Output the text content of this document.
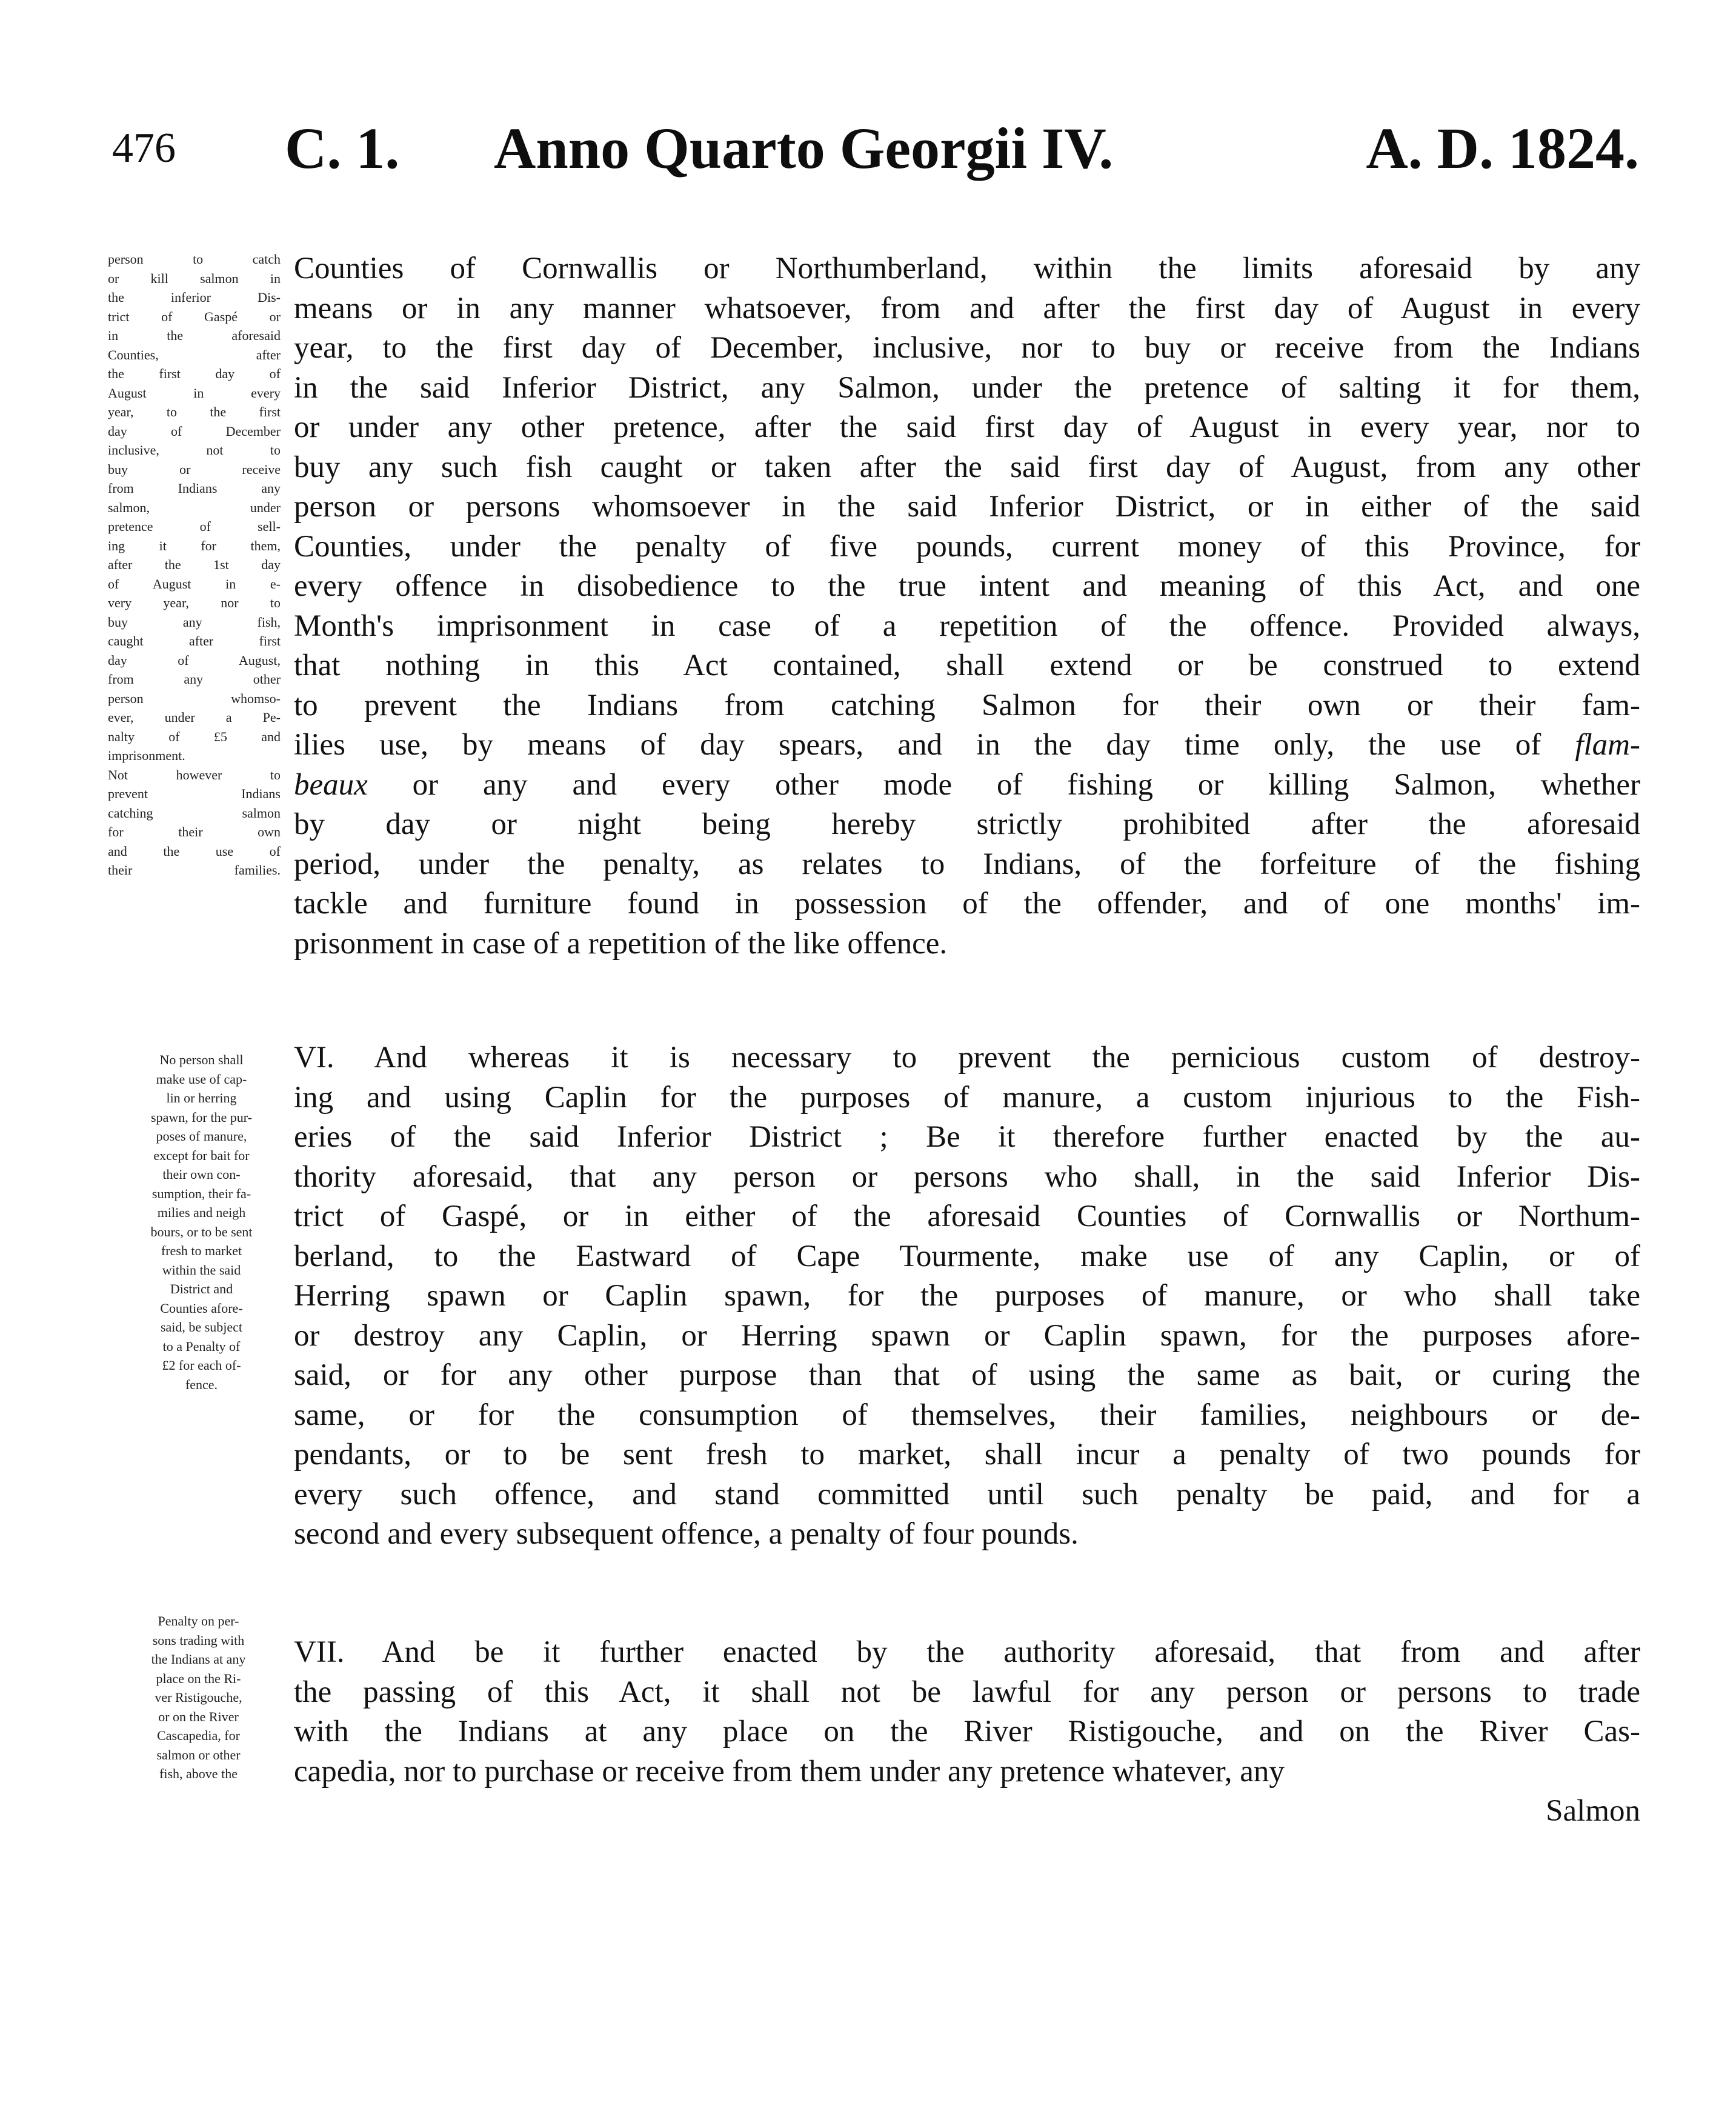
476 C. 1. Anno Quarto Georgii IV.	A. D. 1824.
person to catch
or kill salmon in
the inferior Dis-
trict of Gaspé or
in the aforesaid
Counties, after
the first day of
August in every
year, to the first
day of December
inclusive, not to
buy or receive
from Indians any
salmon, under
pretence of sell-
ing it for them,
after the 1st day
of August in e-
very year, nor to
buy any fish,
caught after first
day of August,
from any other
person whomso-
ever, under a Pe-
nalty of £5 and
imprisonment.
Not however to
prevent Indians
catching salmon
for their own
and the use of
their families.
Counties of Cornwallis or Northumberland, within the limits aforesaid by any
means or in any manner whatsoever, from and after the first day of August in every
year, to the first day of December, inclusive, nor to buy or receive from the Indians
in the said Inferior District, any Salmon, under the pretence of salting it for them,
or under any other pretence, after the said first day of August in every year, nor to
buy any such fish caught or taken after the said first day of August, from any other
person or persons whomsoever in the said Inferior District, or in either of the said
Counties, under the penalty of five pounds, current money of this Province, for
every offence in disobedience to the true intent and meaning of this Act, and one
Month's imprisonment in case of a repetition of the offence. Provided always,
that nothing in this Act contained, shall extend or be construed to extend
to prevent the Indians from catching Salmon for their own or their fam-
ilies use, by means of day spears, and in the day time only, the use of flam-
beaux or any and every other mode of fishing or killing Salmon, whether
by day or night being hereby strictly prohibited after the aforesaid
period, under the penalty, as relates to Indians, of the forfeiture of the fishing
tackle and furniture found in possession of the offender, and of one months' im-
prisonment in case of a repetition of the like offence.
No person shall
make use of cap-
lin or herring
spawn, for the pur-
poses of manure,
except for bait for
their own con-
sumption, their fa-
milies and neigh
bours, or to be sent
fresh to market
within the said
District and
Counties afore-
said, be subject
to a Penalty of
£2 for each of-
fence.
VI. And whereas it is necessary to prevent the pernicious custom of destroy-
ing and using Caplin for the purposes of manure, a custom injurious to the Fish-
eries of the said Inferior District ; Be it therefore further enacted by the au-
thority aforesaid, that any person or persons who shall, in the said Inferior Dis-
trict of Gaspé, or in either of the aforesaid Counties of Cornwallis or Northum-
berland, to the Eastward of Cape Tourmente, make use of any Caplin, or of
Herring spawn or Caplin spawn, for the purposes of manure, or who shall take
or destroy any Caplin, or Herring spawn or Caplin spawn, for the purposes afore-
said, or for any other purpose than that of using the same as bait, or curing the
same, or for the consumption of themselves, their families, neighbours or de-
pendants, or to be sent fresh to market, shall incur a penalty of two pounds for
every such offence, and stand committed until such penalty be paid, and for a
second and every subsequent offence, a penalty of four pounds.
Penalty on per-
sons trading with
the Indians at any
place on the Ri-
ver Ristigouche,
or on the River
Cascapedia, for
salmon or other
fish, above the
VII. And be it further enacted by the authority aforesaid, that from and after
the passing of this Act, it shall not be lawful for any person or persons to trade
with the Indians at any place on the River Ristigouche, and on the River Cas-
capedia, nor to purchase or receive from them under any pretence whatever, any
Salmon
